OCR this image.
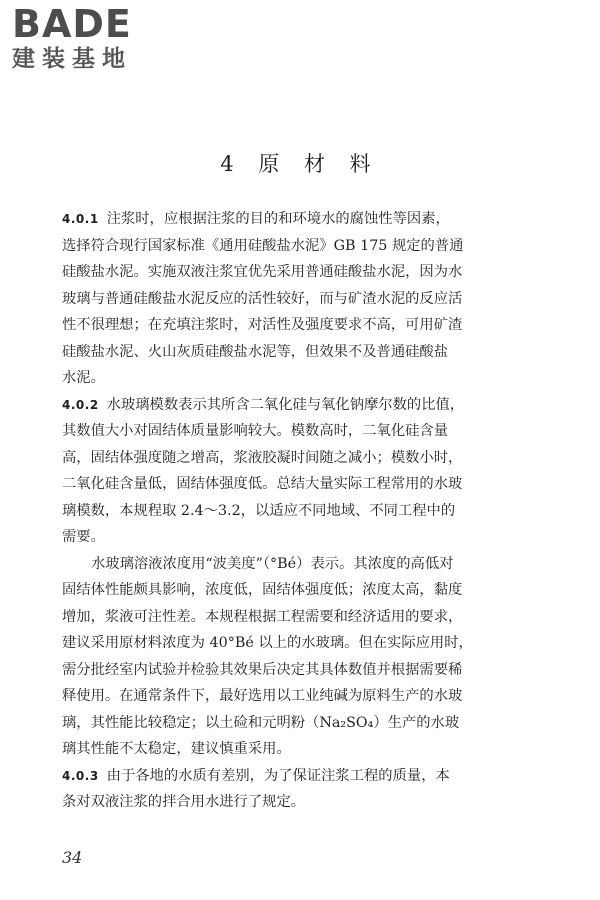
BADE
建装基地
4 原 材 料
4.0.1 注浆时，应根据注浆的目的和环境水的腐蚀性等因素，
选择符合现行国家标准《通用硅酸盐水泥》GB 175 规定的普通
硅酸盐水泥。实施双液注浆宜优先采用普通硅酸盐水泥，因为水
玻璃与普通硅酸盐水泥反应的活性较好，而与矿渣水泥的反应活
性不很理想；在充填注浆时，对活性及强度要求不高，可用矿渣
硅酸盐水泥、火山灰质硅酸盐水泥等，但效果不及普通硅酸盐
水泥。
4.0.2 水玻璃模数表示其所含二氧化硅与氧化钠摩尔数的比值，
其数值大小对固结体质量影响较大。模数高时，二氧化硅含量
高，固结体强度随之增高，浆液胶凝时间随之减小；模数小时，
二氧化硅含量低，固结体强度低。总结大量实际工程常用的水玻
璃模数，本规程取 2.4～3.2，以适应不同地域、不同工程中的
需要。
水玻璃溶液浓度用“波美度”（°Bé）表示。其浓度的高低对
固结体性能颇具影响，浓度低，固结体强度低；浓度太高，黏度
增加，浆液可注性差。本规程根据工程需要和经济适用的要求，
建议采用原材料浓度为 40°Bé 以上的水玻璃。但在实际应用时，
需分批经室内试验并检验其效果后决定其具体数值并根据需要稀
释使用。在通常条件下，最好选用以工业纯碱为原料生产的水玻
璃，其性能比较稳定；以土硷和元明粉（Na₂SO₄）生产的水玻
璃其性能不太稳定，建议慎重采用。
4.0.3 由于各地的水质有差别，为了保证注浆工程的质量，本
条对双液注浆的拌合用水进行了规定。
34
